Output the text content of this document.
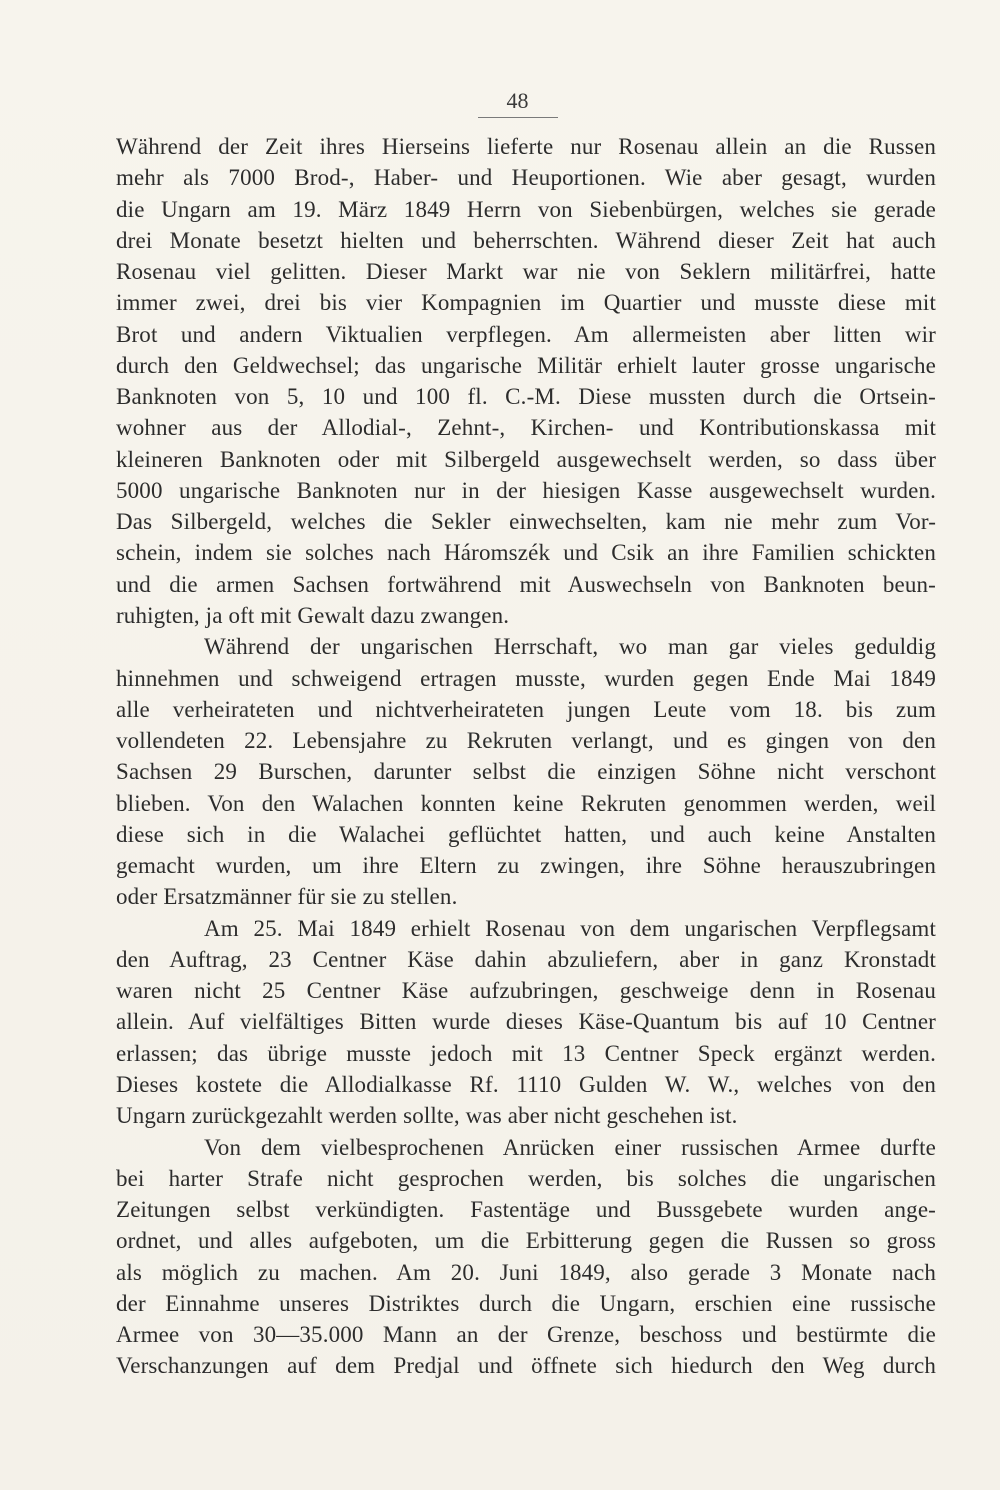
48
Während der Zeit ihres Hierseins lieferte nur Rosenau allein an die Russen
mehr als 7000 Brod-, Haber- und Heuportionen. Wie aber gesagt, wurden
die Ungarn am 19. März 1849 Herrn von Siebenbürgen, welches sie gerade
drei Monate besetzt hielten und beherrschten. Während dieser Zeit hat auch
Rosenau viel gelitten. Dieser Markt war nie von Seklern militärfrei, hatte
immer zwei, drei bis vier Kompagnien im Quartier und musste diese mit
Brot und andern Viktualien verpflegen. Am allermeisten aber litten wir
durch den Geldwechsel; das ungarische Militär erhielt lauter grosse ungarische
Banknoten von 5, 10 und 100 fl. C.-M. Diese mussten durch die Ortsein-
wohner aus der Allodial-, Zehnt-, Kirchen- und Kontributionskassa mit
kleineren Banknoten oder mit Silbergeld ausgewechselt werden, so dass über
5000 ungarische Banknoten nur in der hiesigen Kasse ausgewechselt wurden.
Das Silbergeld, welches die Sekler einwechselten, kam nie mehr zum Vor-
schein, indem sie solches nach Háromszék und Csik an ihre Familien schickten
und die armen Sachsen fortwährend mit Auswechseln von Banknoten beun-
ruhigten, ja oft mit Gewalt dazu zwangen.
Während der ungarischen Herrschaft, wo man gar vieles geduldig
hinnehmen und schweigend ertragen musste, wurden gegen Ende Mai 1849
alle verheirateten und nichtverheirateten jungen Leute vom 18. bis zum
vollendeten 22. Lebensjahre zu Rekruten verlangt, und es gingen von den
Sachsen 29 Burschen, darunter selbst die einzigen Söhne nicht verschont
blieben. Von den Walachen konnten keine Rekruten genommen werden, weil
diese sich in die Walachei geflüchtet hatten, und auch keine Anstalten
gemacht wurden, um ihre Eltern zu zwingen, ihre Söhne herauszubringen
oder Ersatzmänner für sie zu stellen.
Am 25. Mai 1849 erhielt Rosenau von dem ungarischen Verpflegsamt
den Auftrag, 23 Centner Käse dahin abzuliefern, aber in ganz Kronstadt
waren nicht 25 Centner Käse aufzubringen, geschweige denn in Rosenau
allein. Auf vielfältiges Bitten wurde dieses Käse-Quantum bis auf 10 Centner
erlassen; das übrige musste jedoch mit 13 Centner Speck ergänzt werden.
Dieses kostete die Allodialkasse Rf. 1110 Gulden W. W., welches von den
Ungarn zurückgezahlt werden sollte, was aber nicht geschehen ist.
Von dem vielbesprochenen Anrücken einer russischen Armee durfte
bei harter Strafe nicht gesprochen werden, bis solches die ungarischen
Zeitungen selbst verkündigten. Fastentäge und Bussgebete wurden ange-
ordnet, und alles aufgeboten, um die Erbitterung gegen die Russen so gross
als möglich zu machen. Am 20. Juni 1849, also gerade 3 Monate nach
der Einnahme unseres Distriktes durch die Ungarn, erschien eine russische
Armee von 30—35.000 Mann an der Grenze, beschoss und bestürmte die
Verschanzungen auf dem Predjal und öffnete sich hiedurch den Weg durch
